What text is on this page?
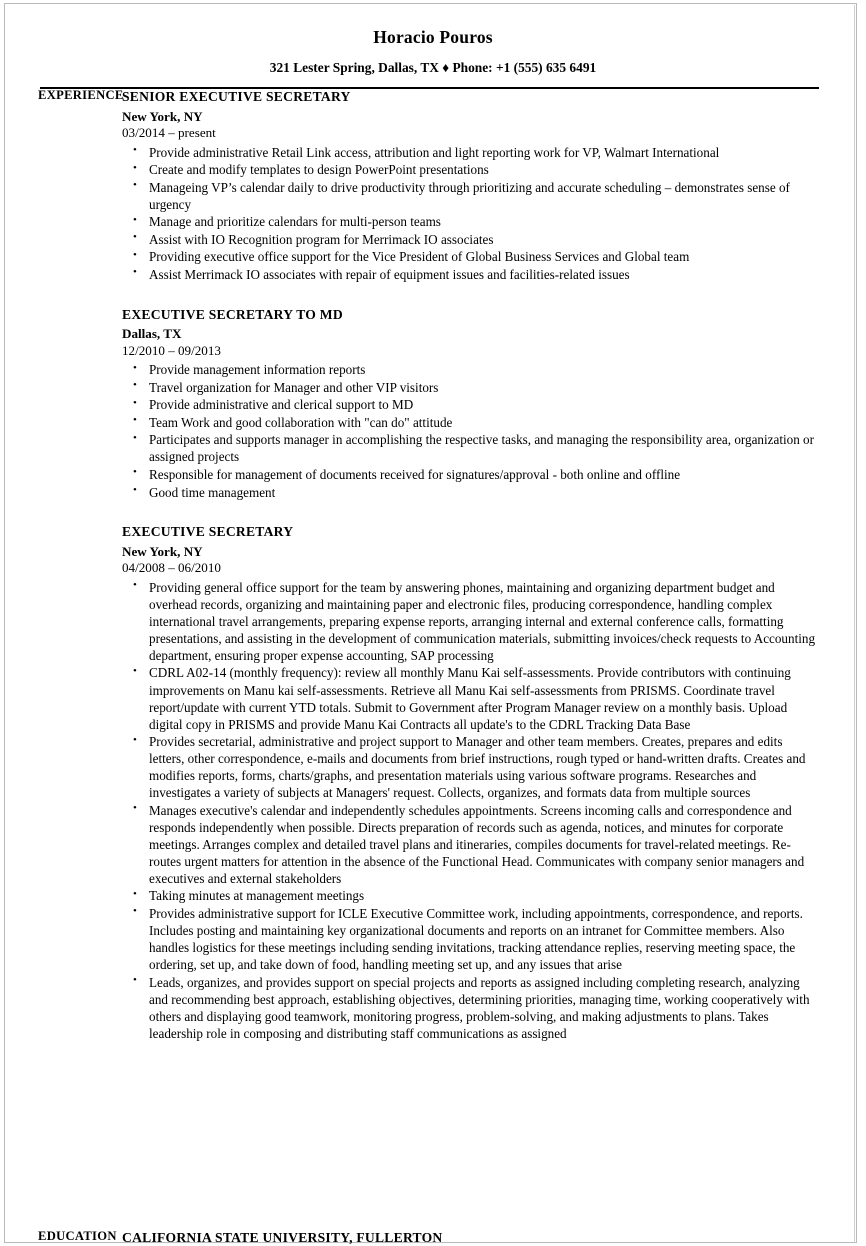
Horacio Pouros
321 Lester Spring, Dallas, TX ♦ Phone: +1 (555) 635 6491
EXPERIENCE
SENIOR EXECUTIVE SECRETARY
New York, NY
03/2014 – present
• Provide administrative Retail Link access, attribution and light reporting work for VP, Walmart International
• Create and modify templates to design PowerPoint presentations
• Manageing VP’s calendar daily to drive productivity through prioritizing and accurate scheduling – demonstrates sense of urgency
• Manage and prioritize calendars for multi-person teams
• Assist with IO Recognition program for Merrimack IO associates
• Providing executive office support for the Vice President of Global Business Services and Global team
• Assist Merrimack IO associates with repair of equipment issues and facilities-related issues
EXECUTIVE SECRETARY TO MD
Dallas, TX
12/2010 – 09/2013
• Provide management information reports
• Travel organization for Manager and other VIP visitors
• Provide administrative and clerical support to MD
• Team Work and good collaboration with "can do" attitude
• Participates and supports manager in accomplishing the respective tasks, and managing the responsibility area, organization or assigned projects
• Responsible for management of documents received for signatures/approval - both online and offline
• Good time management
EXECUTIVE SECRETARY
New York, NY
04/2008 – 06/2010
• Providing general office support for the team by answering phones, maintaining and organizing department budget and overhead records, organizing and maintaining paper and electronic files, producing correspondence, handling complex international travel arrangements, preparing expense reports, arranging internal and external conference calls, formatting presentations, and assisting in the development of communication materials, submitting invoices/check requests to Accounting department, ensuring proper expense accounting, SAP processing
• CDRL A02-14 (monthly frequency): review all monthly Manu Kai self-assessments. Provide contributors with continuing improvements on Manu kai self-assessments. Retrieve all Manu Kai self-assessments from PRISMS. Coordinate travel report/update with current YTD totals. Submit to Government after Program Manager review on a monthly basis. Upload digital copy in PRISMS and provide Manu Kai Contracts all update's to the CDRL Tracking Data Base
• Provides secretarial, administrative and project support to Manager and other team members. Creates, prepares and edits letters, other correspondence, e-mails and documents from brief instructions, rough typed or hand-written drafts. Creates and modifies reports, forms, charts/graphs, and presentation materials using various software programs. Researches and investigates a variety of subjects at Managers' request. Collects, organizes, and formats data from multiple sources
• Manages executive's calendar and independently schedules appointments. Screens incoming calls and correspondence and responds independently when possible. Directs preparation of records such as agenda, notices, and minutes for corporate meetings. Arranges complex and detailed travel plans and itineraries, compiles documents for travel-related meetings. Re-routes urgent matters for attention in the absence of the Functional Head. Communicates with company senior managers and executives and external stakeholders
• Taking minutes at management meetings
• Provides administrative support for ICLE Executive Committee work, including appointments, correspondence, and reports. Includes posting and maintaining key organizational documents and reports on an intranet for Committee members. Also handles logistics for these meetings including sending invitations, tracking attendance replies, reserving meeting space, the ordering, set up, and take down of food, handling meeting set up, and any issues that arise
• Leads, organizes, and provides support on special projects and reports as assigned including completing research, analyzing and recommending best approach, establishing objectives, determining priorities, managing time, working cooperatively with others and displaying good teamwork, monitoring progress, problem-solving, and making adjustments to plans. Takes leadership role in composing and distributing staff communications as assigned
EDUCATION CALIFORNIA STATE UNIVERSITY, FULLERTON
